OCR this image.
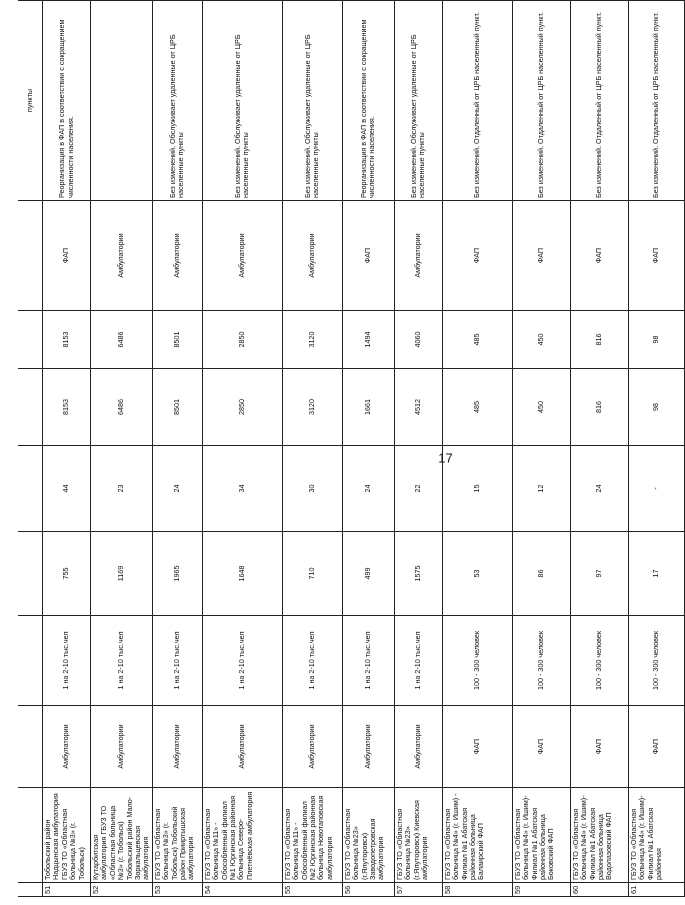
17
									пункты
51	Тобольский район Надцынская амбулатория ГБУЗ ТО «Областная больница №3» (г. Тобольск)	Амбулатории	1 на 2-10 тыс.чел	755	44	8153	8153	ФАП	Реорганизация в ФАП в соответствии с сокращением численности населения.
52	Кутарбитская амбулатория ГБУЗ ТО «Областная больница №3» (г. Тобольск) Тобольский район Мало-Зоркальцевская амбулатория	Амбулатории	1 на 2-10 тыс.чел	1169	23	6486	6486	Амбулатории	
53	ГБУЗ ТО «Областная больница №3» (г. Тобольск) Тобольский район Прииртышская амбулатория	Амбулатории	1 на 2-10 тыс.чел	1965	24	8501	8501	Амбулатории	Без изменений. Обслуживает удаленные от ЦРБ населенные пункты
54	ГБУЗ ТО «Областная больница №11» - Обособленный филиал №1 Юргинская районная больница Северо-Плетнёвская амбулатория	Амбулатории	1 на 2-10 тыс.чел	1648	34	2850	2850	Амбулатории	Без изменений. Обслуживает удаленные от ЦРБ населенные пункты
55	ГБУЗ ТО «Областная больница №11» - Обособленный филиал №2 Юргинская районная больница Новотаповская амбулатория	Амбулатории	1 на 2-10 тыс.чел	710	30	3120	3120	Амбулатории	Без изменений. Обслуживает удаленные от ЦРБ населенные пункты
56	ГБУЗ ТО «Областная больница №23» (г.Ялуторовск) Заводопетровская амбулатория	Амбулатории	1 на 2-10 тыс.чел	499	24	1661	1494	ФАП	Реорганизация в ФАП в соответствии с сокращением численности населения.
57	ГБУЗ ТО «Областная больница №23» (г.Ялуторовск) Киевская амбулатория	Амбулатории	1 на 2-10 тыс.чел	1575	22	4512	4060	Амбулатории	Без изменений. Обслуживает удаленные от ЦРБ населенные пункты
58	ГБУЗ ТО «Областная больница №4» (г. Ишим) - Филиал №1 Абатская районная больница Балаирский ФАП	ФАП	100 - 300 человек	53	15	485	485	ФАП	Без изменений. Отдаленный от ЦРБ населенный пункт.
59	ГБУЗ ТО «Областная больница №4» (г. Ишим)- Филиал №1 Абатская районная больница Боковский ФАП	ФАП	100 - 300 человек	86	12	450	450	ФАП	Без изменений. Отдаленный от ЦРБ населенный пункт.
60	ГБУЗ ТО «Областная больница №4» (г. Ишим)- Филиал №1 Абатская районная больница Водолазовский ФАП	ФАП	100 - 300 человек	97	24	816	816	ФАП	Без изменений. Отдаленный от ЦРБ населенный пункт.
61	ГБУЗ ТО «Областная больница №4» (г. Ишим)- Филиал №1 Абатская районная	ФАП	100 - 300 человек	17	-	98	98	ФАП	Без изменений. Отдаленный от ЦРБ населенный пункт.
